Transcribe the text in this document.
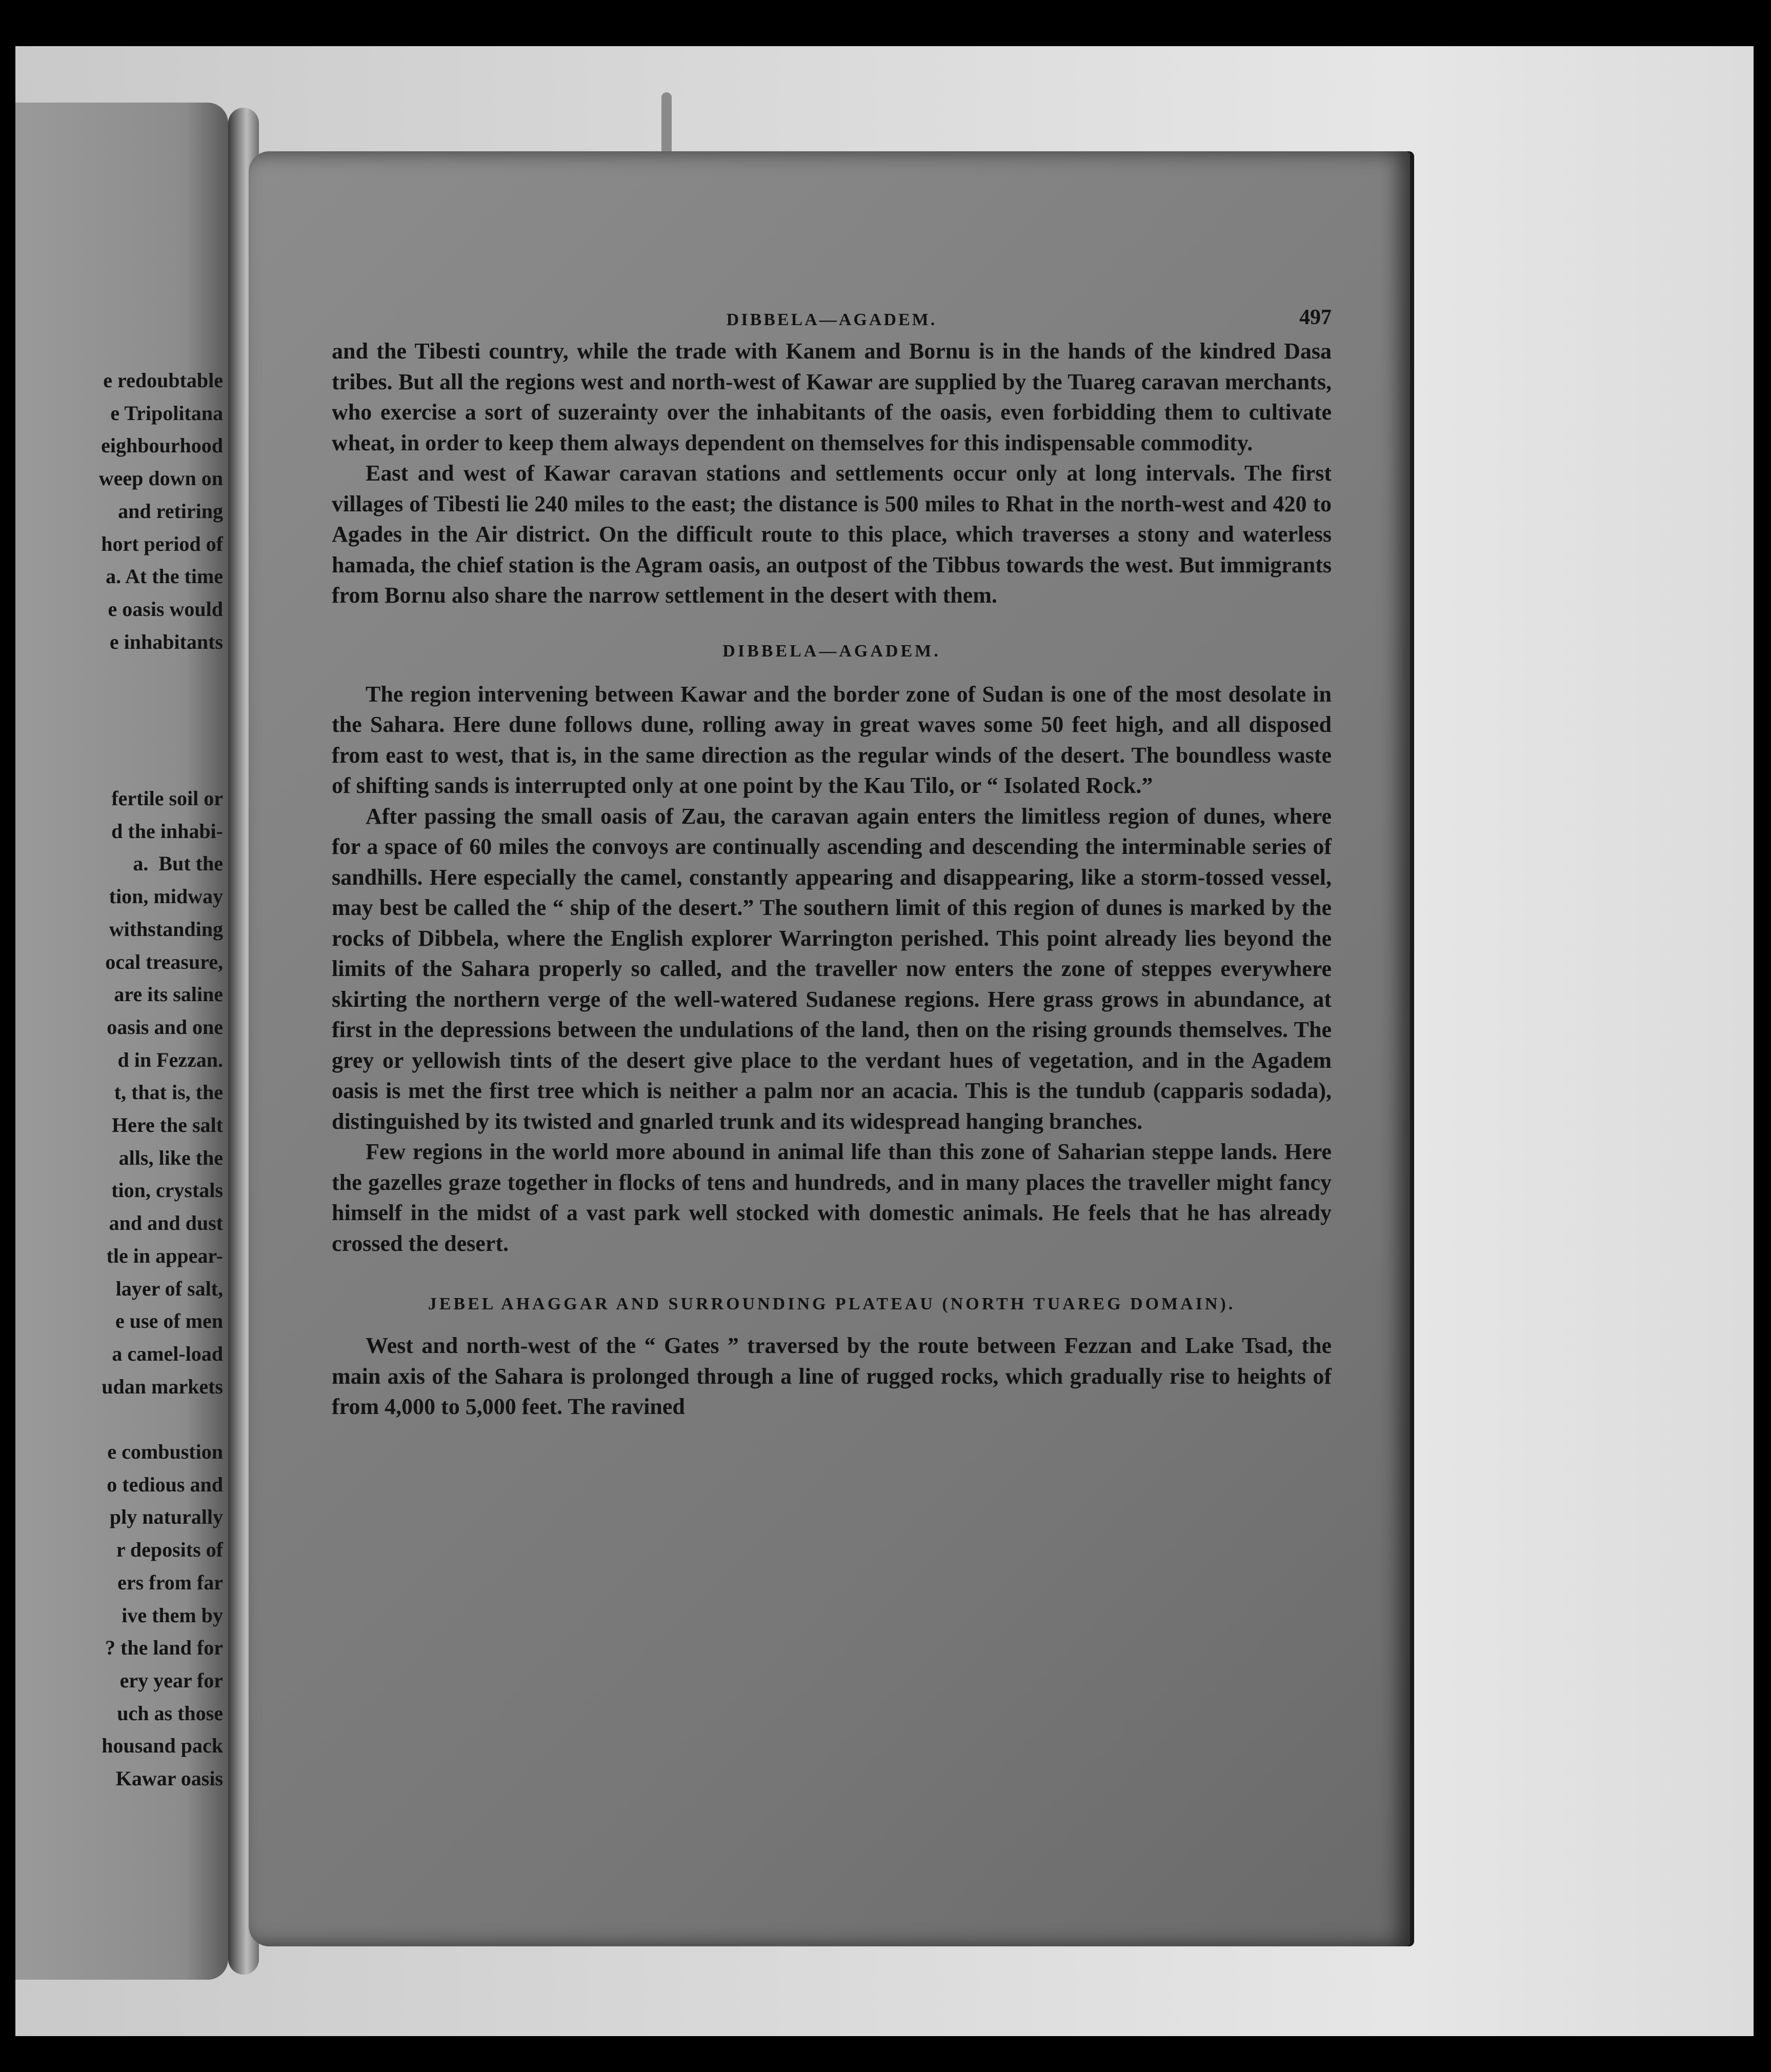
e redoubtable
e Tripolitana
eighbourhood
weep down on
and retiring
hort period of
a. At the time
e oasis would
e inhabitants
fertile soil or
d the inhabi-
a.  But the
tion, midway
withstanding
ocal treasure,
are its saline
oasis and one
d in Fezzan.
t, that is, the
Here the salt
alls, like the
tion, crystals
and and dust
tle in appear-
layer of salt,
e use of men
a camel-load
udan markets

e combustion
o tedious and
ply naturally
r deposits of
ers from far
ive them by
? the land for
ery year for
uch as those
housand pack
Kawar oasis
DIBBELA—AGADEM.	497

and the Tibesti country, while the trade with Kanem and Bornu is in the hands of the kindred Dasa tribes. But all the regions west and north-west of Kawar are supplied by the Tuareg caravan merchants, who exercise a sort of suzerainty over the inhabitants of the oasis, even forbidding them to cultivate wheat, in order to keep them always dependent on themselves for this indispensable commodity.

East and west of Kawar caravan stations and settlements occur only at long intervals. The first villages of Tibesti lie 240 miles to the east; the distance is 500 miles to Rhat in the north-west and 420 to Agades in the Air district. On the difficult route to this place, which traverses a stony and waterless hamada, the chief station is the Agram oasis, an outpost of the Tibbus towards the west. But immigrants from Bornu also share the narrow settlement in the desert with them.

DIBBELA—AGADEM.

The region intervening between Kawar and the border zone of Sudan is one of the most desolate in the Sahara. Here dune follows dune, rolling away in great waves some 50 feet high, and all disposed from east to west, that is, in the same direction as the regular winds of the desert. The boundless waste of shifting sands is interrupted only at one point by the Kau Tilo, or “ Isolated Rock.”

After passing the small oasis of Zau, the caravan again enters the limitless region of dunes, where for a space of 60 miles the convoys are continually ascending and descending the interminable series of sandhills. Here especially the camel, constantly appearing and disappearing, like a storm-tossed vessel, may best be called the “ ship of the desert.” The southern limit of this region of dunes is marked by the rocks of Dibbela, where the English explorer Warrington perished. This point already lies beyond the limits of the Sahara properly so called, and the traveller now enters the zone of steppes everywhere skirting the northern verge of the well-watered Sudanese regions. Here grass grows in abundance, at first in the depressions between the undulations of the land, then on the rising grounds themselves. The grey or yellowish tints of the desert give place to the verdant hues of vegetation, and in the Agadem oasis is met the first tree which is neither a palm nor an acacia. This is the tundub (capparis sodada), distinguished by its twisted and gnarled trunk and its widespread hanging branches.

Few regions in the world more abound in animal life than this zone of Saharian steppe lands. Here the gazelles graze together in flocks of tens and hundreds, and in many places the traveller might fancy himself in the midst of a vast park well stocked with domestic animals. He feels that he has already crossed the desert.

JEBEL AHAGGAR AND SURROUNDING PLATEAU (NORTH TUAREG DOMAIN).

West and north-west of the “ Gates ” traversed by the route between Fezzan and Lake Tsad, the main axis of the Sahara is prolonged through a line of rugged rocks, which gradually rise to heights of from 4,000 to 5,000 feet. The ravined
